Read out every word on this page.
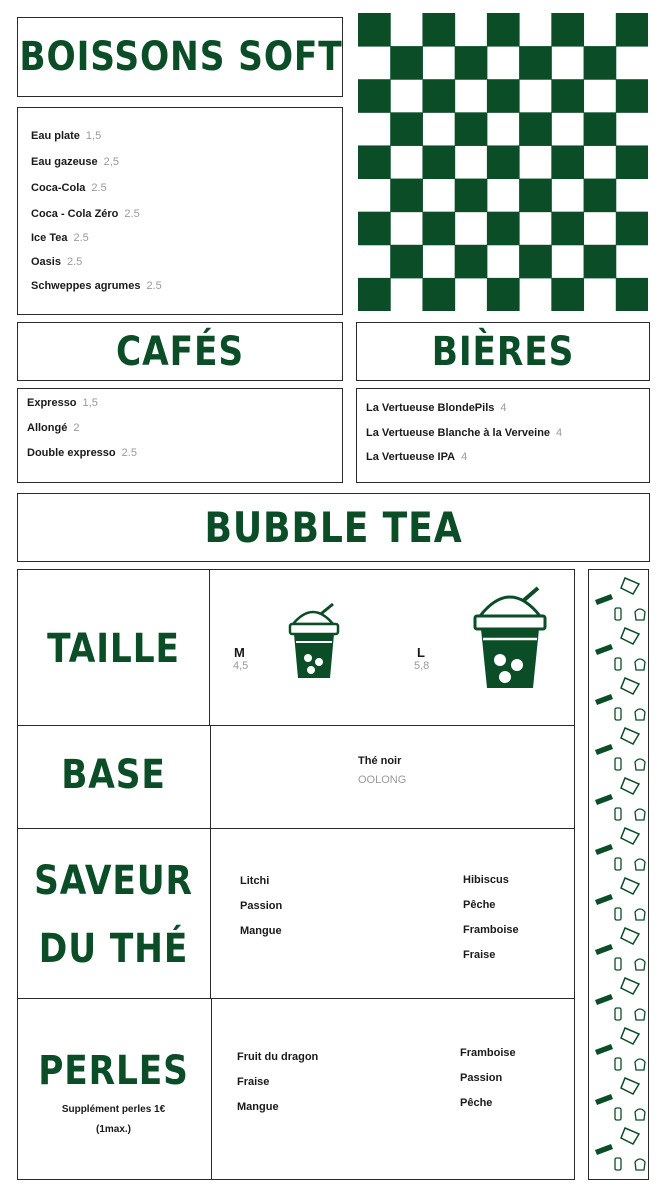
BOISSONS SOFT
Eau plate 1,5
Eau gazeuse 2,5
Coca-Cola 2.5
Coca - Cola Zéro 2.5
Ice Tea 2.5
Oasis 2.5
Schweppes agrumes 2.5
CAFÉS
Expresso 1,5
Allongé 2
Double expresso 2.5
BIÈRES
La Vertueuse BlondePils 4
La Vertueuse Blanche à la Verveine 4
La Vertueuse IPA 4
BUBBLE TEA
TAILLE	M
4,5
L
5,8
BASE	Thé noir
OOLONG
SAVEUR
DU THÉ
Litchi
Passion
Mangue
Hibiscus
Pêche
Framboise
Fraise
PERLES
Supplément perles 1€
(1max.)
Fruit du dragon
Fraise
Mangue
Framboise
Passion
Pêche
